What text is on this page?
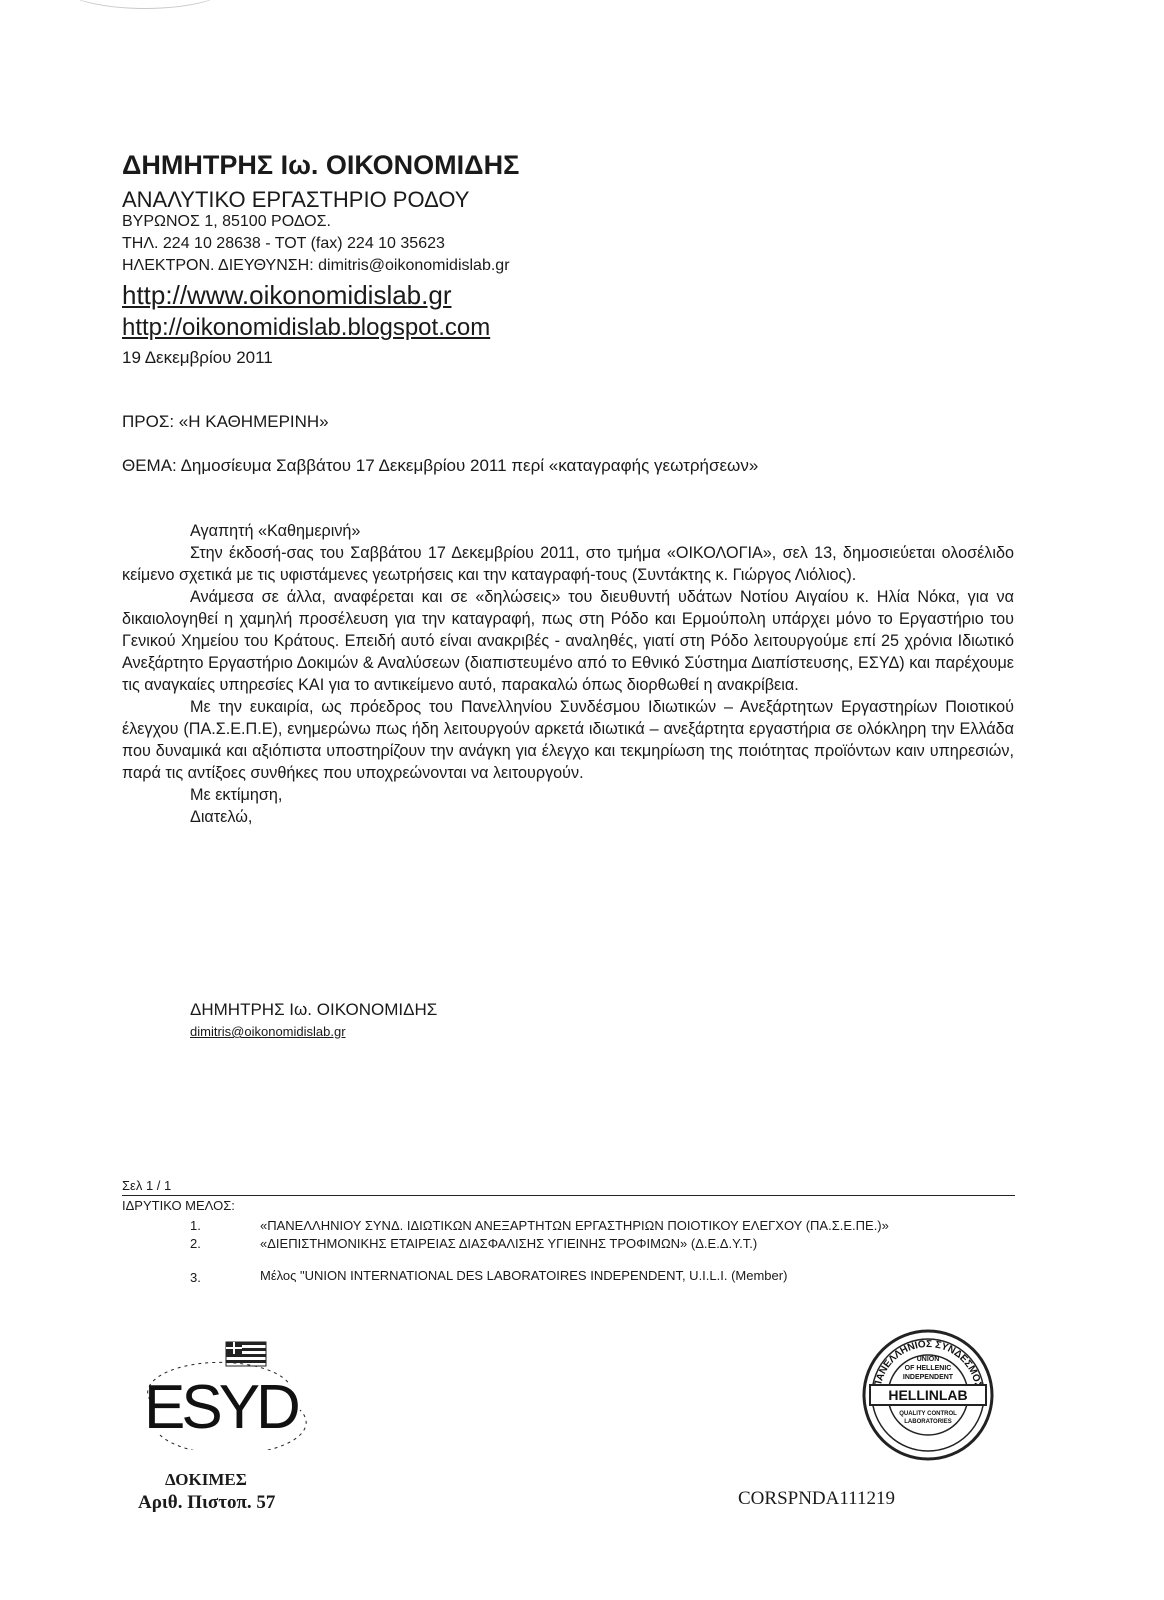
ΔΗΜΗΤΡΗΣ Ιω. ΟΙΚΟΝΟΜΙΔΗΣ
ΑΝΑΛΥΤΙΚΟ ΕΡΓΑΣΤΗΡΙΟ ΡΟΔΟΥ
ΒΥΡΩΝΟΣ 1, 85100 ΡΟΔΟΣ.
ΤΗΛ. 224 10 28638 - ΤΟΤ (fax) 224 10 35623
ΗΛΕΚΤΡΟΝ. ΔΙΕΥΘΥΝΣΗ: dimitris@oikonomidislab.gr
http://www.oikonomidislab.gr
http://oikonomidislab.blogspot.com
19 Δεκεμβρίου 2011
ΠΡΟΣ: «Η ΚΑΘΗΜΕΡΙΝΗ»
ΘΕΜΑ: Δημοσίευμα Σαββάτου 17 Δεκεμβρίου 2011 περί «καταγραφής γεωτρήσεων»

Αγαπητή «Καθημερινή»

Στην έκδοσή-σας του Σαββάτου 17 Δεκεμβρίου 2011, στο τμήμα «ΟΙΚΟΛΟΓΙΑ», σελ 13, δημοσιεύεται ολοσέλιδο κείμενο σχετικά με τις υφιστάμενες γεωτρήσεις και την καταγραφή-τους (Συντάκτης κ. Γιώργος Λιόλιος).

Ανάμεσα σε άλλα, αναφέρεται και σε «δηλώσεις» του διευθυντή υδάτων Νοτίου Αιγαίου κ. Ηλία Νόκα, για να δικαιολογηθεί η χαμηλή προσέλευση για την καταγραφή, πως στη Ρόδο και Ερμούπολη υπάρχει μόνο το Εργαστήριο του Γενικού Χημείου του Κράτους. Επειδή αυτό είναι ανακριβές - αναληθές, γιατί στη Ρόδο λειτουργούμε επί 25 χρόνια Ιδιωτικό Ανεξάρτητο Εργαστήριο Δοκιμών & Αναλύσεων (διαπιστευμένο από το Εθνικό Σύστημα Διαπίστευσης, ΕΣΥΔ) και παρέχουμε τις αναγκαίες υπηρεσίες ΚΑΙ για το αντικείμενο αυτό, παρακαλώ όπως διορθωθεί η ανακρίβεια.

Με την ευκαιρία, ως πρόεδρος του Πανελληνίου Συνδέσμου Ιδιωτικών – Ανεξάρτητων Εργαστηρίων Ποιοτικού έλεγχου (ΠΑ.Σ.Ε.Π.Ε), ενημερώνω πως ήδη λειτουργούν αρκετά ιδιωτικά – ανεξάρτητα εργαστήρια σε ολόκληρη την Ελλάδα που δυναμικά και αξιόπιστα υποστηρίζουν την ανάγκη για έλεγχο και τεκμηρίωση της ποιότητας προϊόντων καιν υπηρεσιών, παρά τις αντίξοες συνθήκες που υποχρεώνονται να λειτουργούν.

Με εκτίμηση,

Διατελώ,

ΔΗΜΗΤΡΗΣ Ιω. ΟΙΚΟΝΟΜΙΔΗΣ
dimitris@oikonomidislab.gr
Σελ 1 / 1
ΙΔΡΥΤΙΚΟ ΜΕΛΟΣ:
1.	«ΠΑΝΕΛΛΗΝΙΟΥ ΣΥΝΔ. ΙΔΙΩΤΙΚΩΝ ΑΝΕΞΑΡΤΗΤΩΝ ΕΡΓΑΣΤΗΡΙΩΝ ΠΟΙΟΤΙΚΟΥ ΕΛΕΓΧΟΥ (ΠΑ.Σ.Ε.ΠΕ.)»
2.	«ΔΙΕΠΙΣΤΗΜΟΝΙΚΗΣ ΕΤΑΙΡΕΙΑΣ ΔΙΑΣΦΑΛΙΣΗΣ ΥΓΙΕΙΝΗΣ ΤΡΟΦΙΜΩΝ» (Δ.Ε.Δ.Υ.Τ.)
3.	Μέλος "UNION INTERNATIONAL DES LABORATOIRES INDEPENDENT, U.I.L.I. (Member)
ESYD	ΑΝΕΛΛΗΝΙΟΣ ΣΥΝΔΕΣΜΟ
HELLINLAB
UNION
OF HELLENIC
INDEPENDENT
QUALITY CONTROL
LABORATORIES
ΔΟΚΙΜΕΣ
Αριθ. Πιστοπ. 57	CORSPNDA111219
